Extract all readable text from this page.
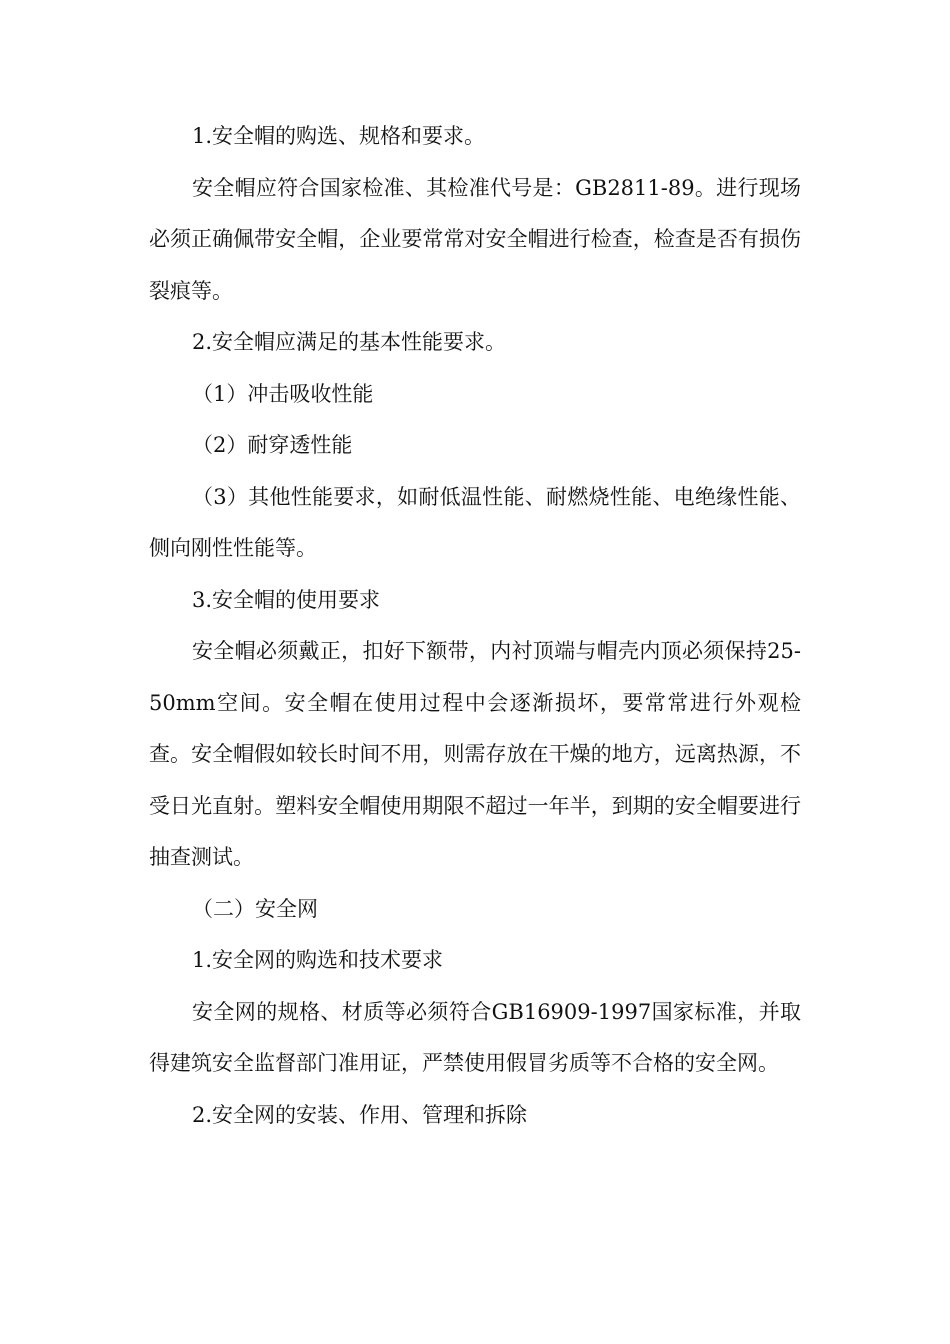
1.安全帽的购选、规格和要求。

安全帽应符合国家检准、其检准代号是：GB2811-89。进行现场必须正确佩带安全帽，企业要常常对安全帽进行检查，检查是否有损伤裂痕等。

2.安全帽应满足的基本性能要求。

（1）冲击吸收性能

（2）耐穿透性能

（3）其他性能要求，如耐低温性能、耐燃烧性能、电绝缘性能、侧向刚性性能等。

3.安全帽的使用要求

安全帽必须戴正，扣好下额带，内衬顶端与帽壳内顶必须保持25-50mm空间。安全帽在使用过程中会逐渐损坏，要常常进行外观检查。安全帽假如较长时间不用，则需存放在干燥的地方，远离热源，不受日光直射。塑料安全帽使用期限不超过一年半，到期的安全帽要进行抽查测试。

（二）安全网

1.安全网的购选和技术要求

安全网的规格、材质等必须符合GB16909-1997国家标准，并取得建筑安全监督部门准用证，严禁使用假冒劣质等不合格的安全网。

2.安全网的安装、作用、管理和拆除
